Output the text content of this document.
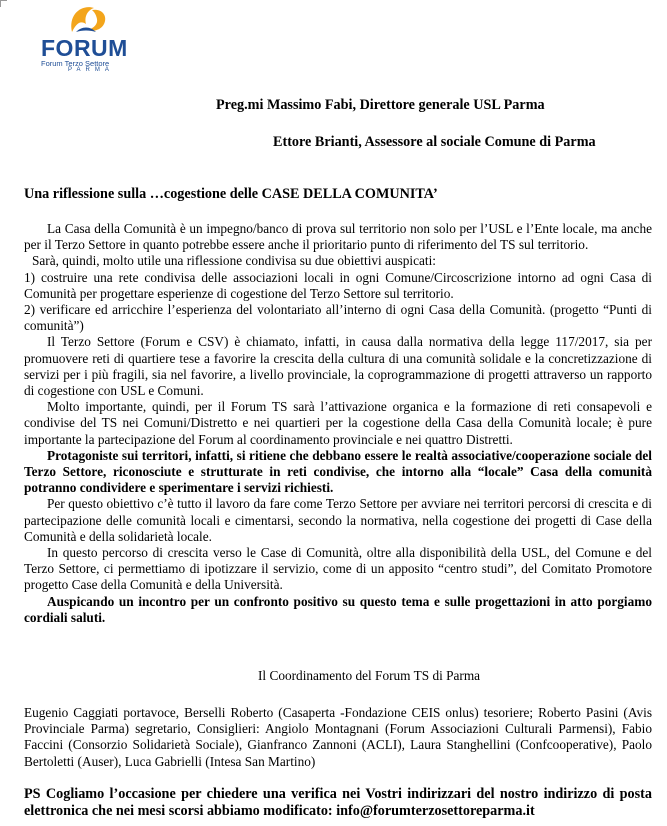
FORUM
Forum Terzo Settore
PARMA
Preg.mi Massimo Fabi, Direttore generale USL Parma
Ettore Brianti, Assessore al sociale Comune di Parma
Una riflessione sulla …cogestione delle CASE DELLA COMUNITA’

La Casa della Comunità è un impegno/banco di prova sul territorio non solo per l’USL e l’Ente locale, ma anche per il Terzo Settore in quanto potrebbe essere anche il prioritario punto di riferimento del TS sul territorio.

Sarà, quindi, molto utile una riflessione condivisa su due obiettivi auspicati:

1) costruire una rete condivisa delle associazioni locali in ogni Comune/Circoscrizione intorno ad ogni Casa di Comunità per progettare esperienze di cogestione del Terzo Settore sul territorio.

2) verificare ed arricchire l’esperienza del volontariato all’interno di ogni Casa della Comunità. (progetto “Punti di comunità”)

Il Terzo Settore (Forum e CSV) è chiamato, infatti, in causa dalla normativa della legge 117/2017, sia per promuovere reti di quartiere tese a favorire la crescita della cultura di una comunità solidale e la concretizzazione di servizi per i più fragili, sia nel favorire, a livello provinciale, la coprogrammazione di progetti attraverso un rapporto di cogestione con USL e Comuni.

Molto importante, quindi, per il Forum TS sarà l’attivazione organica e la formazione di reti consapevoli e condivise del TS nei Comuni/Distretto e nei quartieri per la cogestione della Casa della Comunità locale; è pure importante la partecipazione del Forum al coordinamento provinciale e nei quattro Distretti.

Protagoniste sui territori, infatti, si ritiene che debbano essere le realtà associative/cooperazione sociale del Terzo Settore, riconosciute e strutturate in reti condivise, che intorno alla “locale” Casa della comunità potranno condividere e sperimentare i servizi richiesti.

Per questo obiettivo c’è tutto il lavoro da fare come Terzo Settore per avviare nei territori percorsi di crescita e di partecipazione delle comunità locali e cimentarsi, secondo la normativa, nella cogestione dei progetti di Case della Comunità e della solidarietà locale.

In questo percorso di crescita verso le Case di Comunità, oltre alla disponibilità della USL, del Comune e del Terzo Settore, ci permettiamo di ipotizzare il servizio, come di un apposito “centro studi”, del Comitato Promotore progetto Case della Comunità e della Università.

Auspicando un incontro per un confronto positivo su questo tema e sulle progettazioni in atto porgiamo cordiali saluti.

Il Coordinamento del Forum TS di Parma
Eugenio Caggiati portavoce, Berselli Roberto (Casaperta -Fondazione CEIS onlus) tesoriere; Roberto Pasini (Avis Provinciale Parma) segretario, Consiglieri: Angiolo Montagnani (Forum Associazioni Culturali Parmensi), Fabio Faccini (Consorzio Solidarietà Sociale), Gianfranco Zannoni (ACLI), Laura Stanghellini (Confcooperative), Paolo Bertoletti (Auser), Luca Gabrielli (Intesa San Martino)
PS Cogliamo l’occasione per chiedere una verifica nei Vostri indirizzari del nostro indirizzo di posta elettronica che nei mesi scorsi abbiamo modificato: info@forumterzosettoreparma.it
